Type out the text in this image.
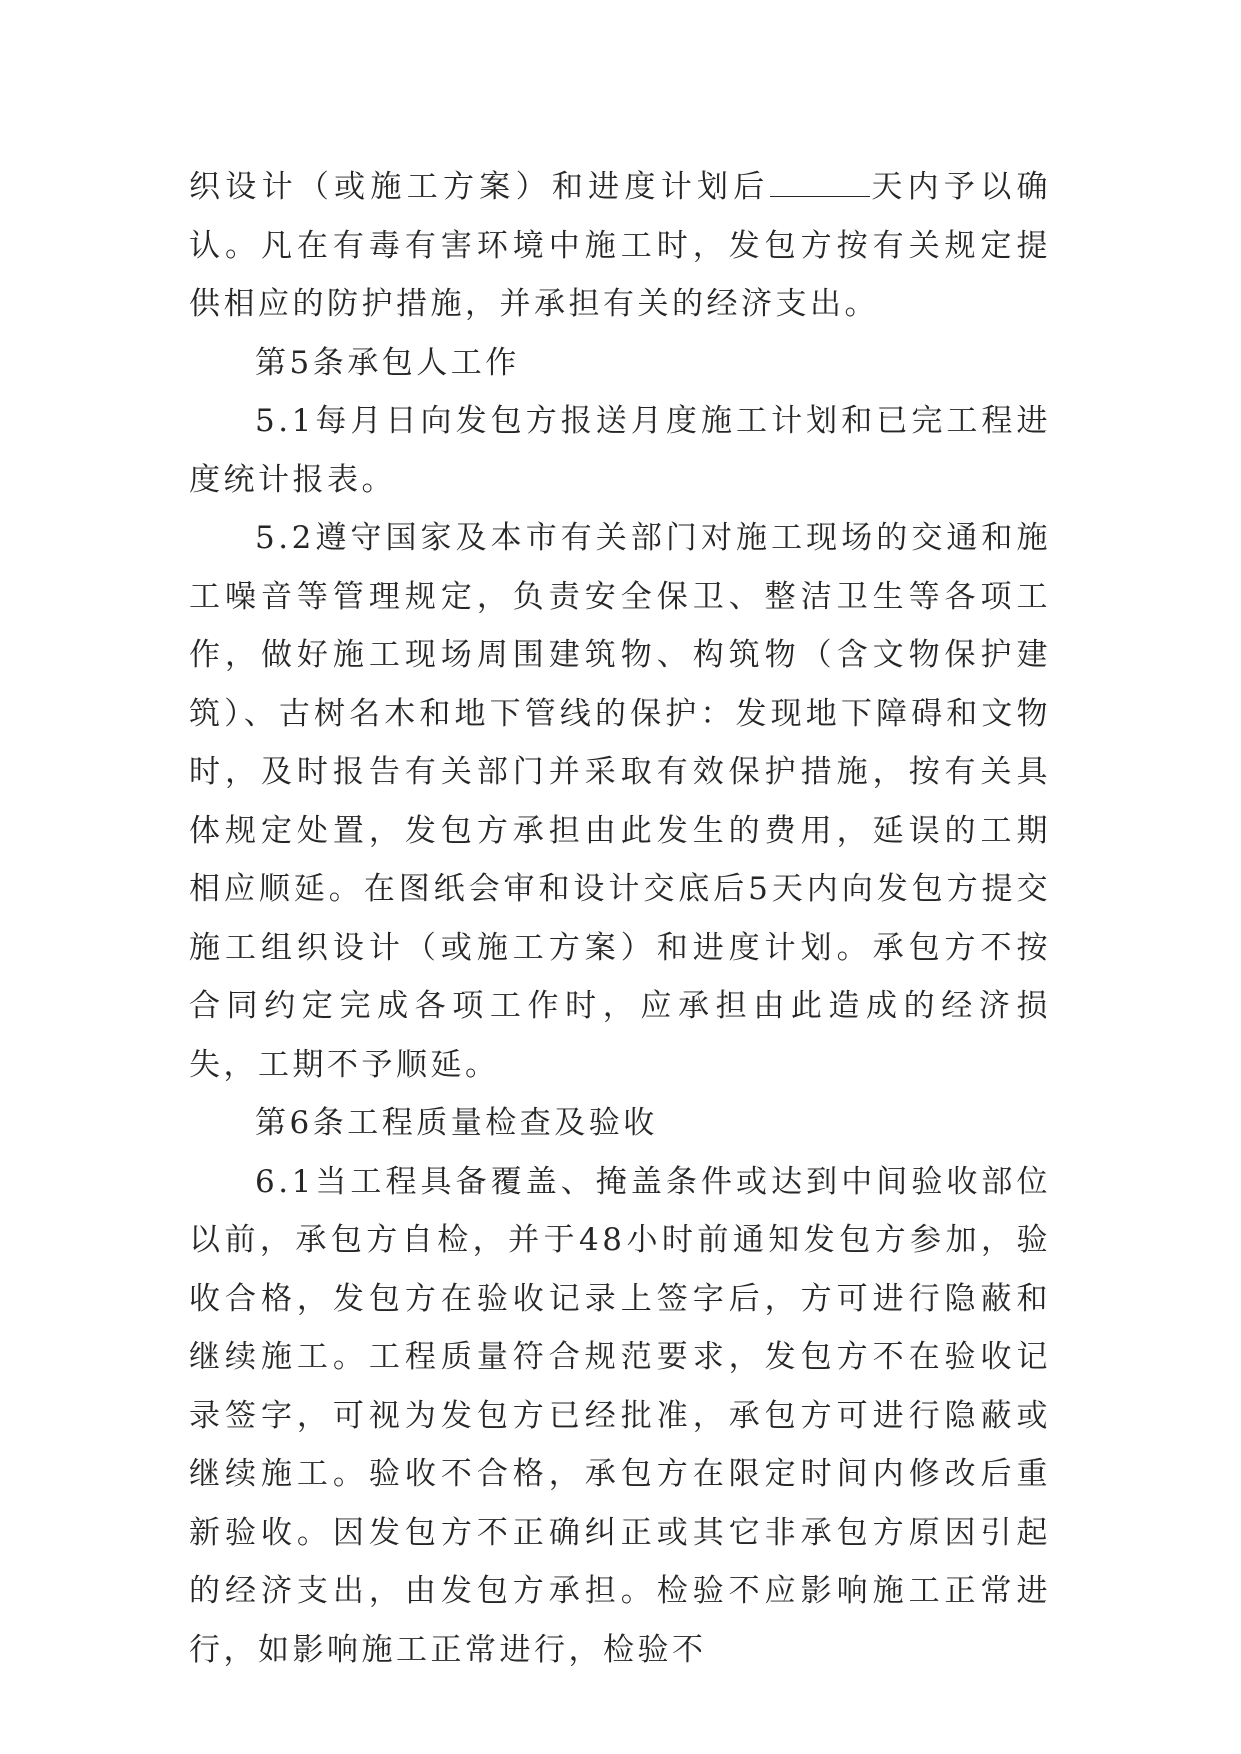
织设计（或施工方案）和进度计划后	天内予以确认。凡在有毒有害环境中施工时，发包方按有关规定提供相应的防护措施，并承担有关的经济支出。

第5条承包人工作

5.1每月日向发包方报送月度施工计划和已完工程进度统计报表。

5.2遵守国家及本市有关部门对施工现场的交通和施工噪音等管理规定，负责安全保卫、整洁卫生等各项工作，做好施工现场周围建筑物、构筑物（含文物保护建筑）、古树名木和地下管线的保护：发现地下障碍和文物时，及时报告有关部门并采取有效保护措施，按有关具体规定处置，发包方承担由此发生的费用，延误的工期相应顺延。在图纸会审和设计交底后5天内向发包方提交施工组织设计（或施工方案）和进度计划。承包方不按合同约定完成各项工作时，应承担由此造成的经济损失，工期不予顺延。

第6条工程质量检查及验收

6.1当工程具备覆盖、掩盖条件或达到中间验收部位以前，承包方自检，并于48小时前通知发包方参加，验收合格，发包方在验收记录上签字后，方可进行隐蔽和继续施工。工程质量符合规范要求，发包方不在验收记录签字，可视为发包方已经批准，承包方可进行隐蔽或继续施工。验收不合格，承包方在限定时间内修改后重新验收。因发包方不正确纠正或其它非承包方原因引起的经济支出，由发包方承担。检验不应影响施工正常进行，如影响施工正常进行，检验不
